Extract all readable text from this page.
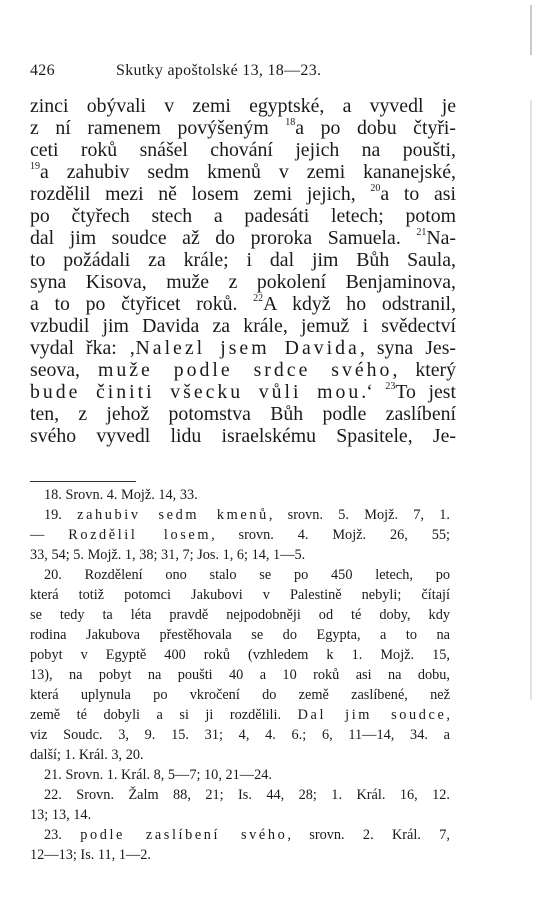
426	Skutky apoštolské 13, 18—23.
zinci obývali v zemi egyptské, a vyvedl je
z ní ramenem povýšeným $^{18}$a po dobu čtyři-
ceti roků snášel chování jejich na poušti,
$^{19}$a zahubiv sedm kmenů v zemi kananejské,
rozdělil mezi ně losem zemi jejich, $^{20}$a to asi
po čtyřech stech a padesáti letech; potom
dal jim soudce až do proroka Samuela. $^{21}$Na-
to požádali za krále; i dal jim Bůh Saula,
syna Kisova, muže z pokolení Benjaminova,
a to po čtyřicet roků. $^{22}$A když ho odstranil,
vzbudil jim Davida za krále, jemuž i svědectví
vydal řka: ‚Nalezl jsem Davida, syna Jes-
seova, muže podle srdce svého, který
bude činiti všecku vůli mou.‘ $^{23}$To jest
ten, z jehož potomstva Bůh podle zaslíbení
svého vyvedl lidu israelskému Spasitele, Je-
18. Srovn. 4. Mojž. 14, 33.
19. zahubiv sedm kmenů, srovn. 5. Mojž. 7, 1.
— Rozdělil losem, srovn. 4. Mojž. 26, 55;
33, 54; 5. Mojž. 1, 38; 31, 7; Jos. 1, 6; 14, 1—5.
20. Rozdělení ono stalo se po 450 letech, po
která totiž potomci Jakubovi v Palestině nebyli; čítají
se tedy ta léta pravdě nejpodobněji od té doby, kdy
rodina Jakubova přestěhovala se do Egypta, a to na
pobyt v Egyptě 400 roků (vzhledem k 1. Mojž. 15,
13), na pobyt na poušti 40 a 10 roků asi na dobu,
která uplynula po vkročení do země zaslíbené, než
země té dobyli a si ji rozdělili. Dal jim soudce,
viz Soudc. 3, 9. 15. 31; 4, 4. 6.; 6, 11—14, 34. a
další; 1. Král. 3, 20.
21. Srovn. 1. Král. 8, 5—7; 10, 21—24.
22. Srovn. Žalm 88, 21; Is. 44, 28; 1. Král. 16, 12.
13; 13, 14.
23. podle zaslíbení svého, srovn. 2. Král. 7,
12—13; Is. 11, 1—2.
